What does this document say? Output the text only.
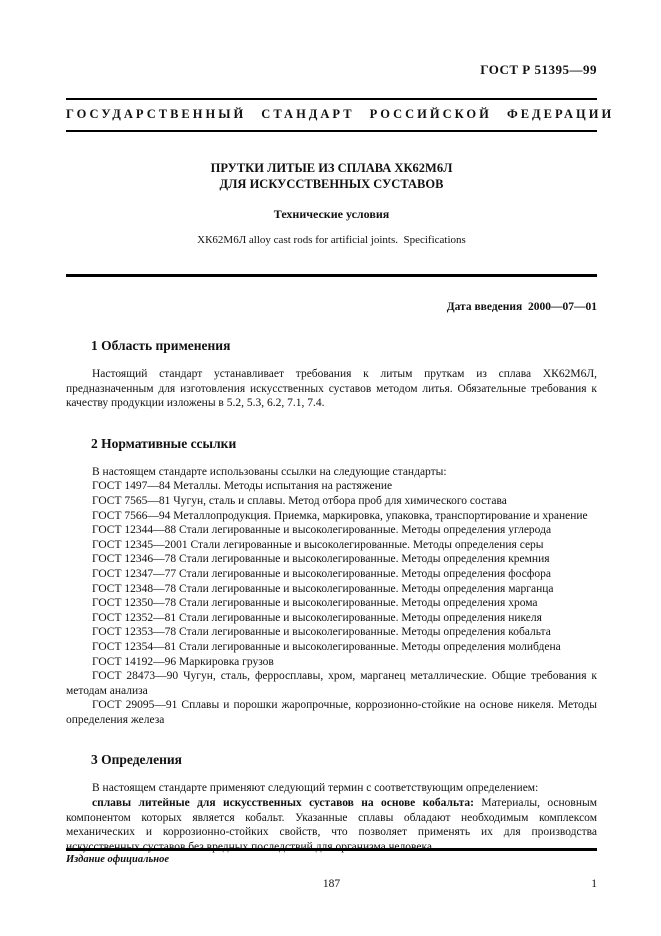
ГОСТ Р 51395—99
ГОСУДАРСТВЕННЫЙ СТАНДАРТ РОССИЙСКОЙ ФЕДЕРАЦИИ
ПРУТКИ ЛИТЫЕ ИЗ СПЛАВА ХК62М6Л
ДЛЯ ИСКУССТВЕННЫХ СУСТАВОВ
Технические условия
ХК62М6Л alloy cast rods for artificial joints.  Specifications
Дата введения  2000—07—01
1 Область применения

Настоящий стандарт устанавливает требования к литым пруткам из сплава ХК62М6Л, предназначенным для изготовления искусственных суставов методом литья. Обязательные требования к качеству продукции изложены в 5.2, 5.3, 6.2, 7.1, 7.4.

2 Нормативные ссылки

В настоящем стандарте использованы ссылки на следующие стандарты:

ГОСТ 1497—84 Металлы. Методы испытания на растяжение

ГОСТ 7565—81 Чугун, сталь и сплавы. Метод отбора проб для химического состава

ГОСТ 7566—94 Металлопродукция. Приемка, маркировка, упаковка, транспортирование и хранение

ГОСТ 12344—88 Стали легированные и высоколегированные. Методы определения углерода

ГОСТ 12345—2001 Стали легированные и высоколегированные. Методы определения серы

ГОСТ 12346—78 Стали легированные и высоколегированные. Методы определения кремния

ГОСТ 12347—77 Стали легированные и высоколегированные. Методы определения фосфора

ГОСТ 12348—78 Стали легированные и высоколегированные. Методы определения марганца

ГОСТ 12350—78 Стали легированные и высоколегированные. Методы определения хрома

ГОСТ 12352—81 Стали легированные и высоколегированные. Методы определения никеля

ГОСТ 12353—78 Стали легированные и высоколегированные. Методы определения кобальта

ГОСТ 12354—81 Стали легированные и высоколегированные. Методы определения молибдена

ГОСТ 14192—96 Маркировка грузов

ГОСТ 28473—90 Чугун, сталь, ферросплавы, хром, марганец металлические. Общие требования к методам анализа

ГОСТ 29095—91 Сплавы и порошки жаропрочные, коррозионно-стойкие на основе никеля. Методы определения железа

3 Определения

В настоящем стандарте применяют следующий термин с соответствующим определением:

сплавы литейные для искусственных суставов на основе кобальта: Материалы, основным компонентом которых является кобальт. Указанные сплавы обладают необходимым комплексом механических и коррозионно-стойких свойств, что позволяет применять их для производства искусственных суставов без вредных последствий для организма человека.

Издание официальное
187	1
